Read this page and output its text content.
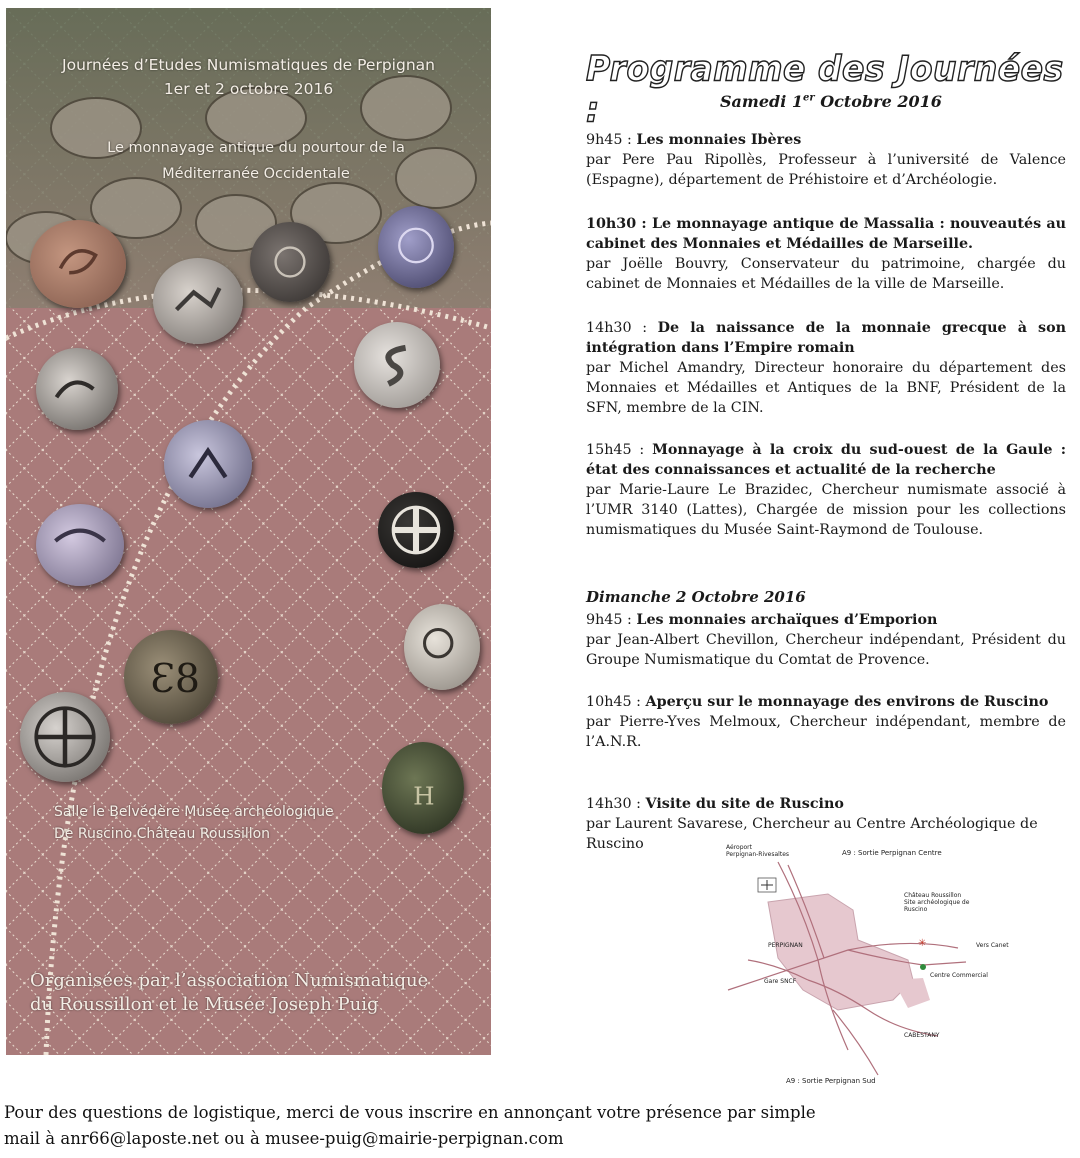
Journées d’Etudes Numismatiques de Perpignan
1er et 2 octobre 2016
Le monnayage antique du pourtour de la
Méditerranée Occidentale
Ɛ8
H
Salle le Belvédère Musée archéologique
De Ruscino Château Roussillon
Organisées par l’association Numismatique
du Roussillon et le Musée Joseph Puig
Programme des Journées :	Samedi 1er Octobre 2016
9h45 : Les monnaies Ibères
par Pere Pau Ripollès, Professeur à l’université de Valence (Espagne), département de Préhistoire et d’Archéologie.
10h30 : Le monnayage antique de Massalia : nouveautés au cabinet des Monnaies et Médailles de Marseille.
par Joëlle Bouvry, Conservateur du patrimoine, chargée du cabinet de Monnaies et Médailles de la ville de Marseille.
14h30 : De la naissance de la monnaie grecque à son intégration dans l’Empire romain
par Michel Amandry, Directeur honoraire du département des Monnaies et Médailles et Antiques de la BNF, Président de la SFN, membre de la CIN.
15h45 : Monnayage à la croix du sud-ouest de la Gaule : état des connaissances et actualité de la recherche
par Marie-Laure Le Brazidec, Chercheur numismate associé à l’UMR 3140 (Lattes), Chargée de mission pour les collections numismatiques du Musée Saint-Raymond de Toulouse.
Dimanche 2 Octobre 2016
9h45 : Les monnaies archaïques d’Emporion
par Jean-Albert Chevillon, Chercheur indépendant, Président du Groupe Numismatique du Comtat de Provence.
10h45 : Aperçu sur le monnayage des environs de Ruscino
par Pierre-Yves Melmoux, Chercheur indépendant, membre de l’A.N.R.
14h30 : Visite du site de Ruscino
par Laurent Savarese, Chercheur au Centre Archéologique de
Ruscino
✳
Aéroport
Perpignan-Rivesaltes	A9 : Sortie Perpignan Centre
Château Roussillon
Site archéologique de
Ruscino
PERPIGNAN	Vers Canet
Centre Commercial
Gare SNCF
CABESTANY
A9 : Sortie Perpignan Sud
Pour des questions de logistique, merci de vous inscrire en annonçant votre présence par simple
mail à anr66@laposte.net ou à musee-puig@mairie-perpignan.com
